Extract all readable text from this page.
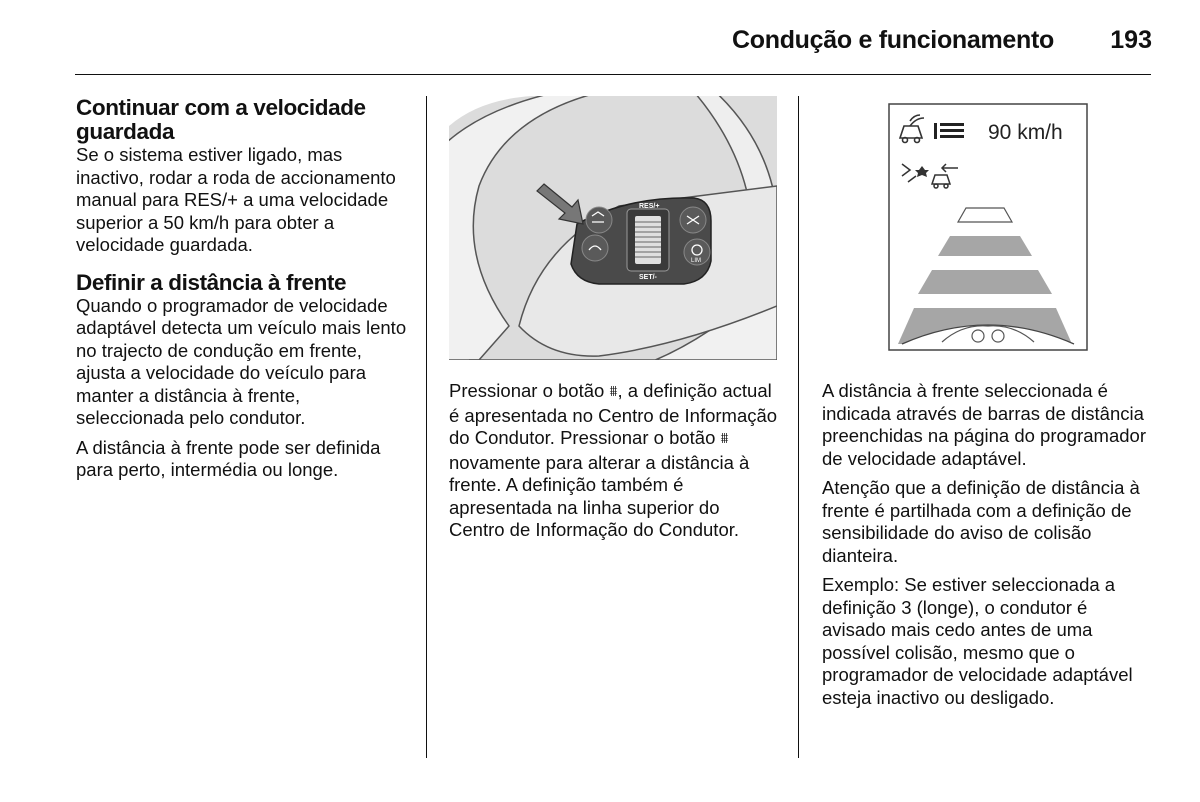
Condução e funcionamento 193
Continuar com a velocidade guardada

Se o sistema estiver ligado, mas inactivo, rodar a roda de accionamento manual para RES/+ a uma velocidade superior a 50 km/h para obter a velocidade guardada.

Definir a distância à frente

Quando o programador de velocidade adaptável detecta um veículo mais lento no trajecto de condução em frente, ajusta a velocidade do veículo para manter a distância à frente, seleccionada pelo condutor.

A distância à frente pode ser definida para perto, intermédia ou longe.

RES/+
SET/-
LIM

Pressionar o botão ⩩, a definição actual é apresentada no Centro de Informação do Condutor. Pressionar o botão ⩩ novamente para alterar a distância à frente. A definição também é apresentada na linha superior do Centro de Informação do Condutor.

90 km/h

A distância à frente seleccionada é indicada através de barras de distância preenchidas na página do programador de velocidade adaptável.

Atenção que a definição de distância à frente é partilhada com a definição de sensibilidade do aviso de colisão dianteira.

Exemplo: Se estiver seleccionada a definição 3 (longe), o condutor é avisado mais cedo antes de uma possível colisão, mesmo que o programador de velocidade adaptável esteja inactivo ou desligado.
